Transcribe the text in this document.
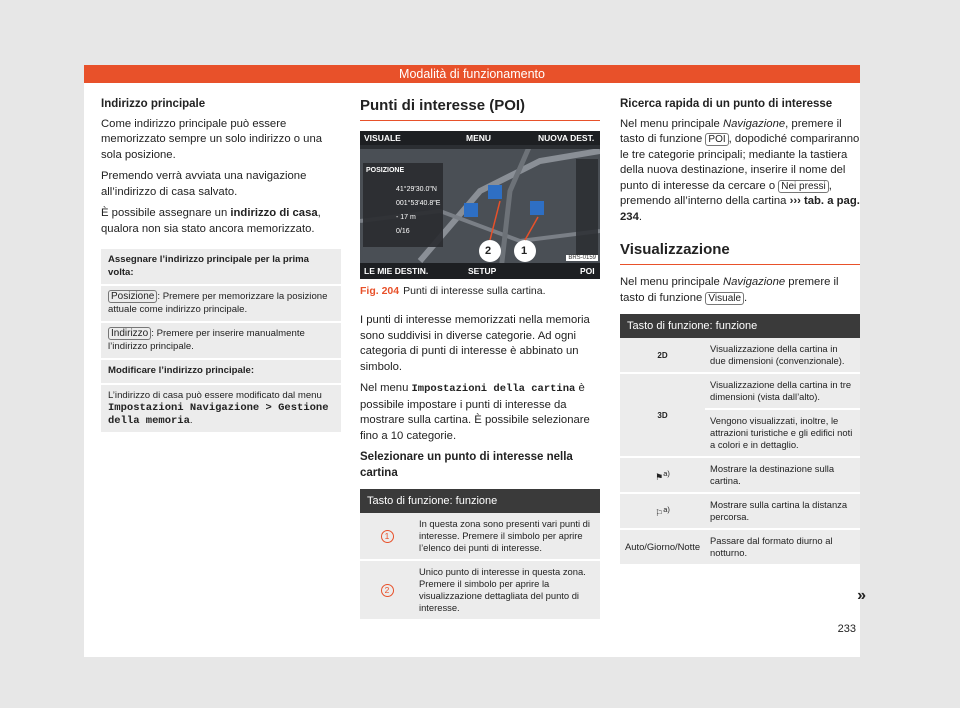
Modalità di funzionamento

Indirizzo principale

Come indirizzo principale può essere memorizzato sempre un solo indirizzo o una sola posizione.

Premendo verrà avviata una navigazione all’indirizzo di casa salvato.

È possibile assegnare un indirizzo di casa, qualora non sia stato ancora memorizzato.

Assegnare l’indirizzo principale per la prima volta:
Posizione : Premere per memorizzare la posizione attuale come indirizzo principale.
Indirizzo : Premere per inserire manualmente l’indirizzo principale.
Modificare l’indirizzo principale:
L’indirizzo di casa può essere modificato dal menu Impostazioni Navigazione > Gestione della memoria.
Punti di interesse (POI)
VISUALE	MENU	NUOVA DEST.
POSIZIONE
41°29'30.0"N
001°53'40.8"E
- 17 m
0/16
2	1
LE MIE DESTIN.	SETUP	POI
BRS-0159
Fig. 204 Punti di interesse sulla cartina.

I punti di interesse memorizzati nella memoria sono suddivisi in diverse categorie. Ad ogni categoria di punti di interesse è abbinato un simbolo.

Nel menu Impostazioni della cartina è possibile impostare i punti di interesse da mostrare sulla cartina. È possibile selezionare fino a 10 categorie.

Selezionare un punto di interesse nella cartina

Tasto di funzione: funzione	
1	In questa zona sono presenti vari punti di interesse. Premere il simbolo per aprire l’elenco dei punti di interesse.
2	Unico punto di interesse in questa zona. Premere il simbolo per aprire la visualizzazione dettagliata del punto di interesse.

Ricerca rapida di un punto di interesse

Nel menu principale Navigazione, premere il tasto di funzione POI , dopodiché compariranno le tre categorie principali; mediante la tastiera della nuova destinazione, inserire il nome del punto di interesse da cercare o Nei pressi , premendo all’interno della cartina ››› tab. a pag. 234.

Visualizzazione

Nel menu principale Navigazione premere il tasto di funzione Visuale .

Tasto di funzione: funzione	
2D	Visualizzazione della cartina in due dimensioni (convenzionale).
3D	Visualizzazione della cartina in tre dimensioni (vista dall’alto).
	Vengono visualizzati, inoltre, le attrazioni turistiche e gli edifici noti a colori e in dettaglio.
⚑$^{a)}$	Mostrare la destinazione sulla cartina.
⚐$^{a)}$	Mostrare sulla cartina la distanza percorsa.
Auto/Giorno/Notte	Passare dal formato diurno al notturno.
»
233
